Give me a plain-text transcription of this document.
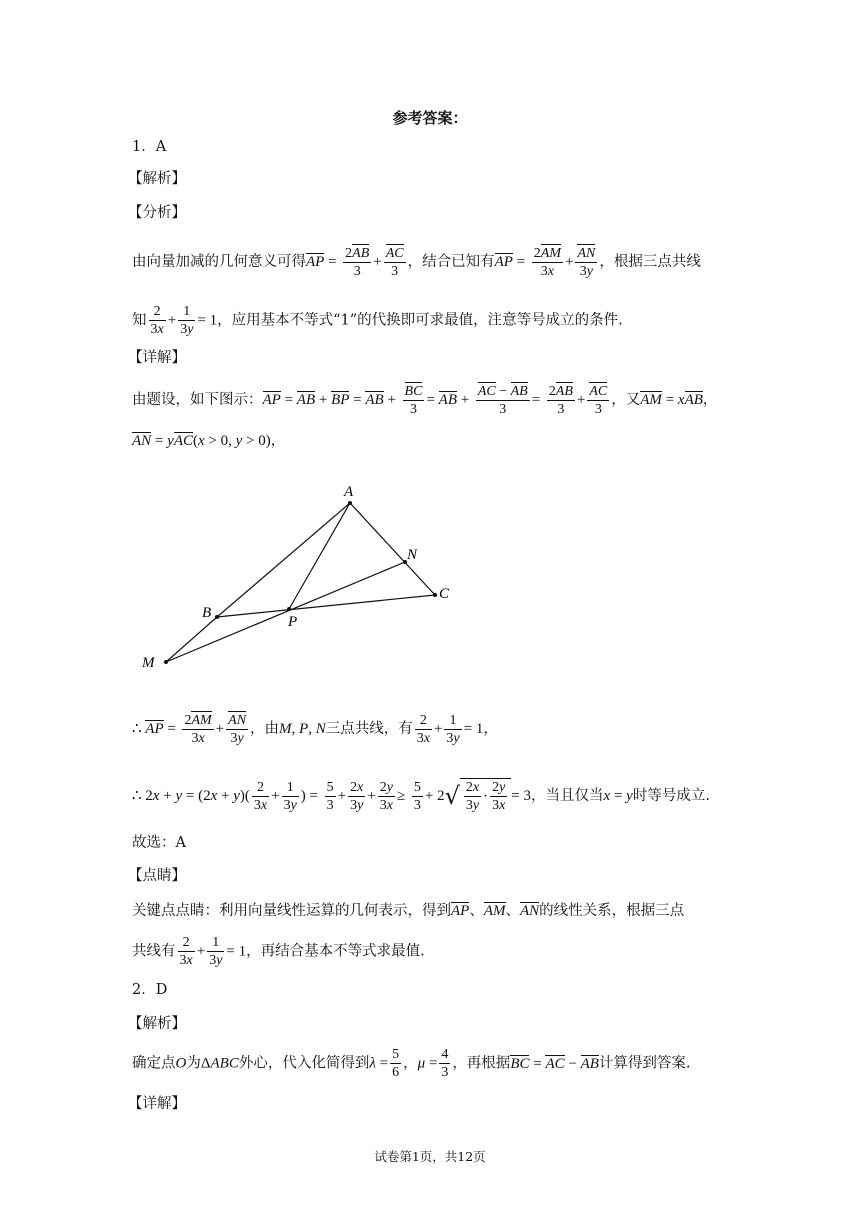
参考答案：
1．A
【解析】
【分析】
由向量加减的几何意义可得AP = $\frac{2AB}{3} + \frac{AC}{3}$ ，结合已知有AP = $\frac{2AM}{3x} + \frac{AN}{3y}$ ，根据三点共线
知 $\frac{2}{3x} + \frac{1}{3y} = 1$，应用基本不等式“1”的代换即可求最值，注意等号成立的条件.
【详解】
由题设，如下图示：AP = AB + BP = AB + $\frac{BC}{3}$ = AB + $\frac{AC - AB}{3} = \frac{2AB}{3} + \frac{AC}{3}$ ，又AM = xAB，
AN = yAC(x > 0, y > 0)，
A
B
C
M
N
P
∴ AP = $\frac{2AM}{3x} + \frac{AN}{3y}$ ，由M, P, N三点共线，有 $\frac{2}{3x} + \frac{1}{3y} = 1$，
∴ $2x + y = (2x + y)( \frac{2}{3x} + \frac{1}{3y}$ ) = $\frac{5}{3} + \frac{2x}{3y} + \frac{2y}{3x} \ge \frac{5}{3} + 2√ \frac{2x}{3y} \cdot \frac{2y}{3x} = 3$，当且仅当x = y时等号成立.
故选：A
【点睛】
关键点点睛：利用向量线性运算的几何表示，得到AP、AM、AN的线性关系，根据三点
共线有 $\frac{2}{3x} + \frac{1}{3y} = 1$，再结合基本不等式求最值.
2．D
【解析】
确定点O为ΔABC外心，代入化简得到$\lambda = \frac{5}{6}$ ，$\mu = \frac{4}{3}$ ，再根据BC = AC − AB计算得到答案.
【详解】
试卷第1页，共12页
